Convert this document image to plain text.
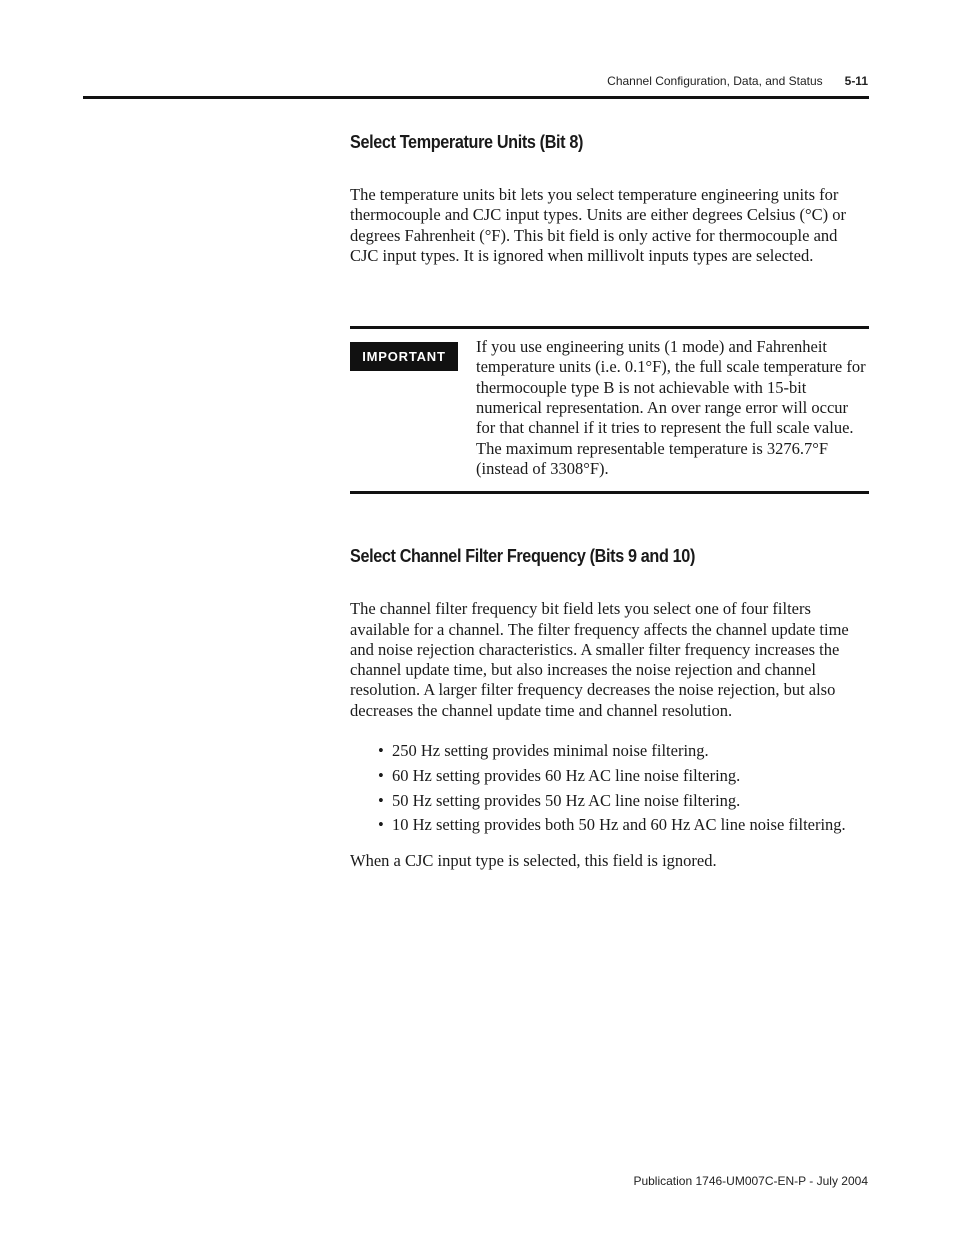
Channel Configuration, Data, and Status 5-11
Select Temperature Units (Bit 8)

The temperature units bit lets you select temperature engineering units for thermocouple and CJC input types. Units are either degrees Celsius (°C) or degrees Fahrenheit (°F). This bit field is only active for thermocouple and CJC input types. It is ignored when millivolt inputs types are selected.

IMPORTANT
If you use engineering units (1 mode) and Fahrenheit temperature units (i.e. 0.1°F), the full scale temperature for thermocouple type B is not achievable with 15-bit numerical representation. An over range error will occur for that channel if it tries to represent the full scale value. The maximum representable temperature is 3276.7°F (instead of 3308°F).
Select Channel Filter Frequency (Bits 9 and 10)

The channel filter frequency bit field lets you select one of four filters available for a channel. The filter frequency affects the channel update time and noise rejection characteristics. A smaller filter frequency increases the channel update time, but also increases the noise rejection and channel resolution. A larger filter frequency decreases the noise rejection, but also decreases the channel update time and channel resolution.

• 250 Hz setting provides minimal noise filtering.
• 60 Hz setting provides 60 Hz AC line noise filtering.
• 50 Hz setting provides 50 Hz AC line noise filtering.
• 10 Hz setting provides both 50 Hz and 60 Hz AC line noise filtering.

When a CJC input type is selected, this field is ignored.

Publication 1746-UM007C-EN-P - July 2004
